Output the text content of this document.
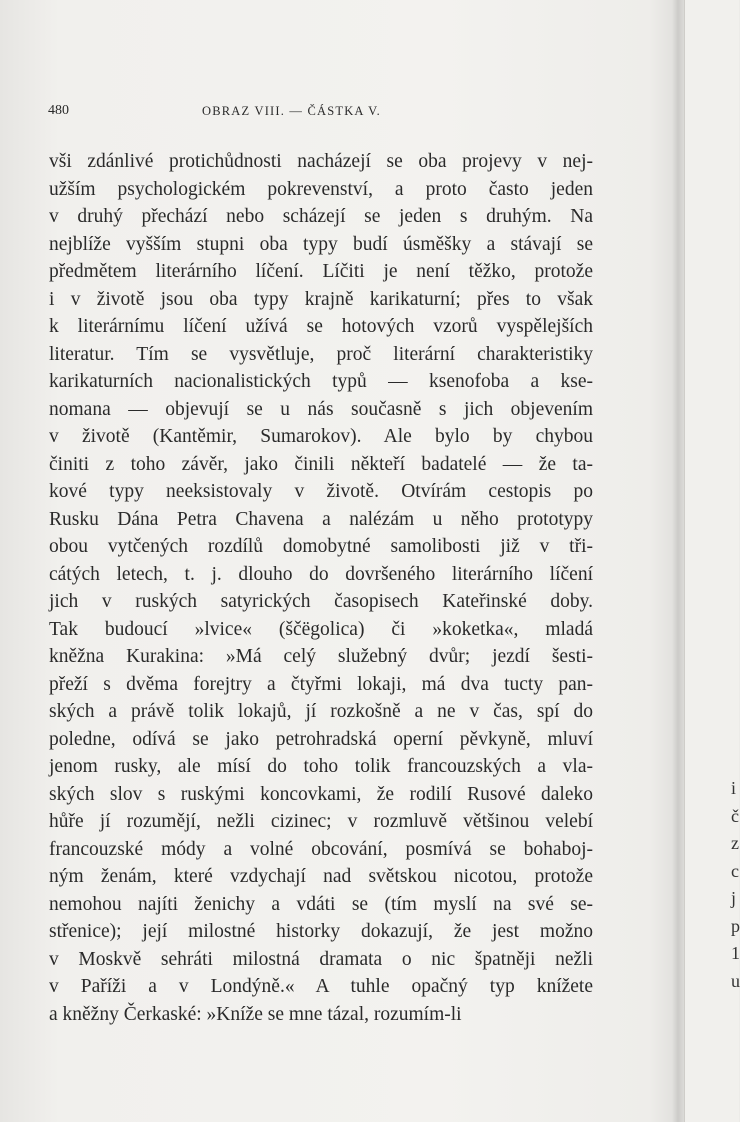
480	OBRAZ VIII. — ČÁSTKA V.
vši zdánlivé protichůdnosti nacházejí se oba projevy v nej-
užším psychologickém pokrevenství, a proto často jeden
v druhý přechází nebo scházejí se jeden s druhým. Na
nejblíže vyšším stupni oba typy budí úsměšky a stávají se
předmětem literárního líčení. Líčiti je není těžko, protože
i v životě jsou oba typy krajně karikaturní; přes to však
k literárnímu líčení užívá se hotových vzorů vyspělejších
literatur. Tím se vysvětluje, proč literární charakteristiky
karikaturních nacionalistických typů — ksenofoba a kse-
nomana — objevují se u nás současně s jich objevením
v životě (Kantěmir, Sumarokov). Ale bylo by chybou
činiti z toho závěr, jako činili někteří badatelé — že ta-
kové typy neeksistovaly v životě. Otvírám cestopis po
Rusku Dána Petra Chavena a nalézám u něho prototypy
obou vytčených rozdílů domobytné samolibosti již v tři-
cátých letech, t. j. dlouho do dovršeného literárního líčení
jich v ruských satyrických časopisech Kateřinské doby.
Tak budoucí »lvice« (ščëgolica) či »koketka«, mladá
kněžna Kurakina: »Má celý služebný dvůr; jezdí šesti-
přeží s dvěma forejtry a čtyřmi lokaji, má dva tucty pan-
ských a právě tolik lokajů, jí rozkošně a ne v čas, spí do
poledne, odívá se jako petrohradská operní pěvkyně, mluví
jenom rusky, ale mísí do toho tolik francouzských a vla-
ských slov s ruskými koncovkami, že rodilí Rusové daleko
hůře jí rozumějí, nežli cizinec; v rozmluvě většinou velebí
francouzské módy a volné obcování, posmívá se bohaboj-
ným ženám, které vzdychají nad světskou nicotou, protože
nemohou najíti ženichy a vdáti se (tím myslí na své se-
střenice); její milostné historky dokazují, že jest možno
v Moskvě sehráti milostná dramata o nic špatněji nežli
v Paříži a v Londýně.« A tuhle opačný typ knížete
a kněžny Čerkaské: »Kníže se mne tázal, rozumím-li
i
č
z
c
j
p
1
u
